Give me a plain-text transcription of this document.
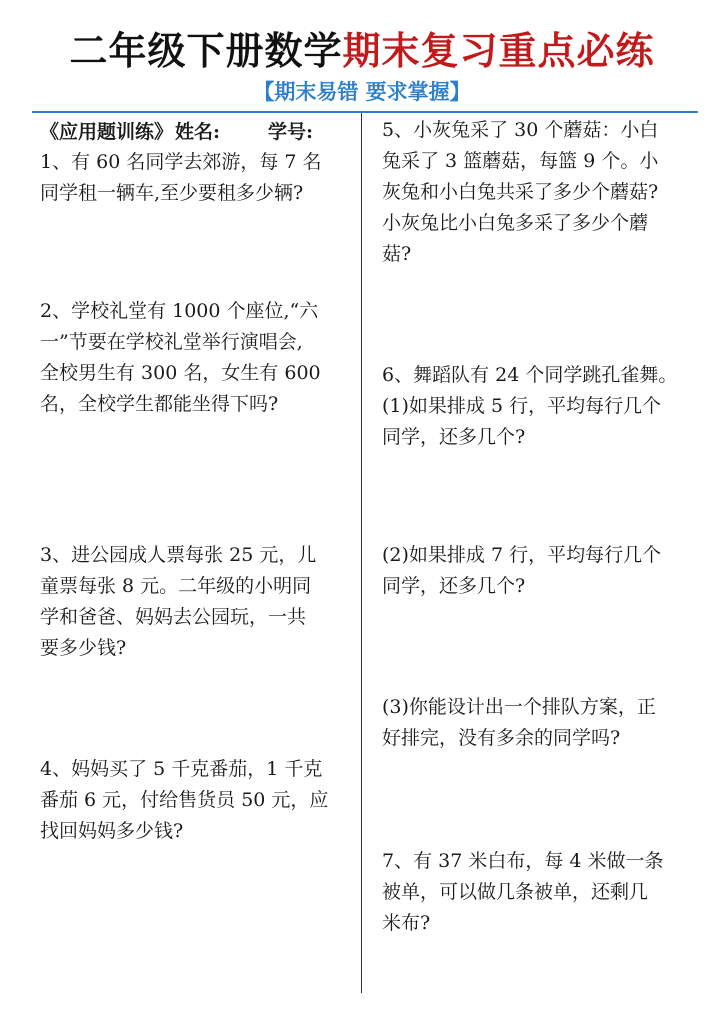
二年级下册数学期末复习重点必练
【期末易错 要求掌握】
《应用题训练》 姓名:	学号:
1、有 60 名同学去郊游，每 7 名
同学租一辆车,至少要租多少辆?
2、学校礼堂有 1000 个座位,“六
一”节要在学校礼堂举行演唱会,
全校男生有 300 名，女生有 600
名，全校学生都能坐得下吗?
3、进公园成人票每张 25 元，儿
童票每张 8 元。二年级的小明同
学和爸爸、妈妈去公园玩，一共
要多少钱?
4、妈妈买了 5 千克番茄，1 千克
番茄 6 元，付给售货员 50 元，应
找回妈妈多少钱?
5、小灰兔采了 30 个蘑菇：小白
兔采了 3 篮蘑菇，每篮 9 个。小
灰兔和小白兔共采了多少个蘑菇?
小灰兔比小白兔多采了多少个蘑
菇?
6、舞蹈队有 24 个同学跳孔雀舞。
(1)如果排成 5 行，平均每行几个
同学，还多几个?
(2)如果排成 7 行，平均每行几个
同学，还多几个?
(3)你能设计出一个排队方案，正
好排完，没有多余的同学吗?
7、有 37 米白布，每 4 米做一条
被单，可以做几条被单，还剩几
米布?
